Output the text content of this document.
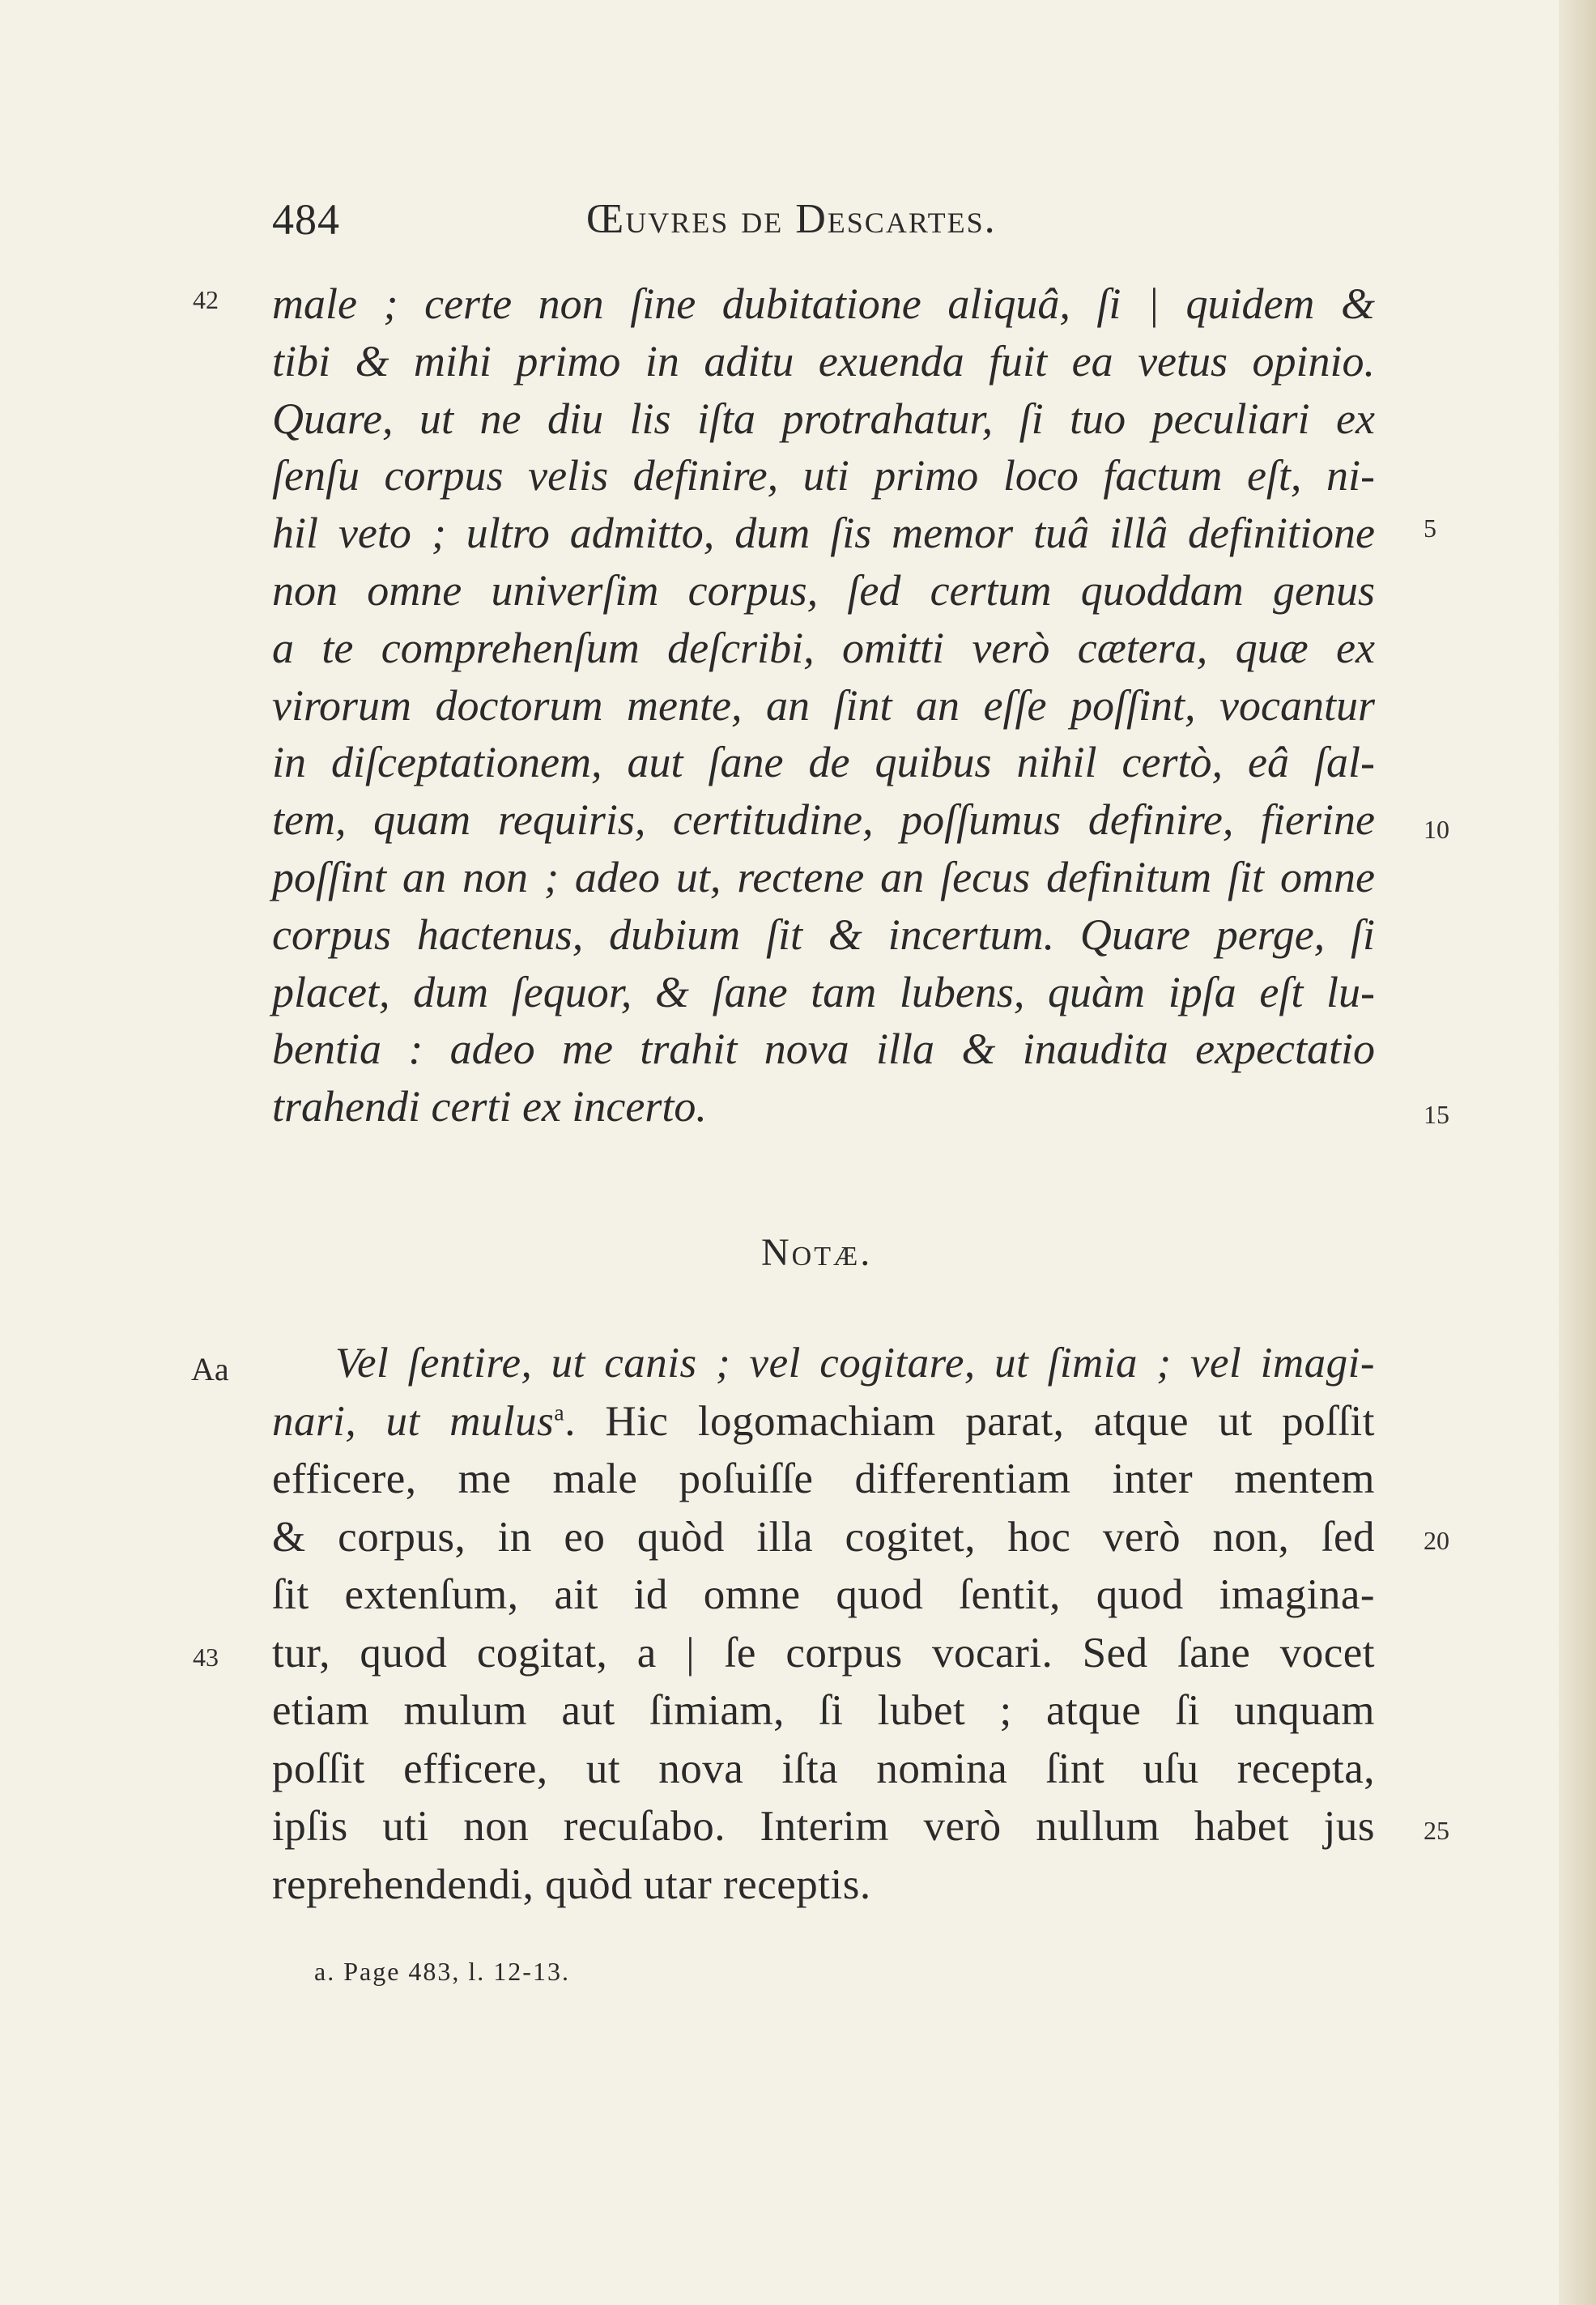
484	Œuvres de Descartes.
42
5
10
15
male ; certe non ſine dubitatione aliquâ, ſi | quidem &
tibi & mihi primo in aditu exuenda fuit ea vetus opinio.
Quare, ut ne diu lis iſta protrahatur, ſi tuo peculiari ex
ſenſu corpus velis definire, uti primo loco factum eſt, ni-
hil veto ; ultro admitto, dum ſis memor tuâ illâ definitione
non omne univerſim corpus, ſed certum quoddam genus
a te comprehenſum deſcribi, omitti verò cætera, quæ ex
virorum doctorum mente, an ſint an eſſe poſſint, vocantur
in diſceptationem, aut ſane de quibus nihil certò, eâ ſal-
tem, quam requiris, certitudine, poſſumus definire, fierine
poſſint an non ; adeo ut, rectene an ſecus definitum ſit omne
corpus hactenus, dubium ſit & incertum. Quare perge, ſi
placet, dum ſequor, & ſane tam lubens, quàm ipſa eſt lu-
bentia : adeo me trahit nova illa & inaudita expectatio
trahendi certi ex incerto.
Notæ.
Aa
43
20
25
Vel ſentire, ut canis ; vel cogitare, ut ſimia ; vel imagi-
nari, ut mulus$^a$. Hic logomachiam parat, atque ut poſſit
efficere, me male poſuiſſe differentiam inter mentem
& corpus, in eo quòd illa cogitet, hoc verò non, ſed
ſit extenſum, ait id omne quod ſentit, quod imagina-
tur, quod cogitat, a | ſe corpus vocari. Sed ſane vocet
etiam mulum aut ſimiam, ſi lubet ; atque ſi unquam
poſſit efficere, ut nova iſta nomina ſint uſu recepta,
ipſis uti non recuſabo. Interim verò nullum habet jus
reprehendendi, quòd utar receptis.
a. Page 483, l. 12-13.
